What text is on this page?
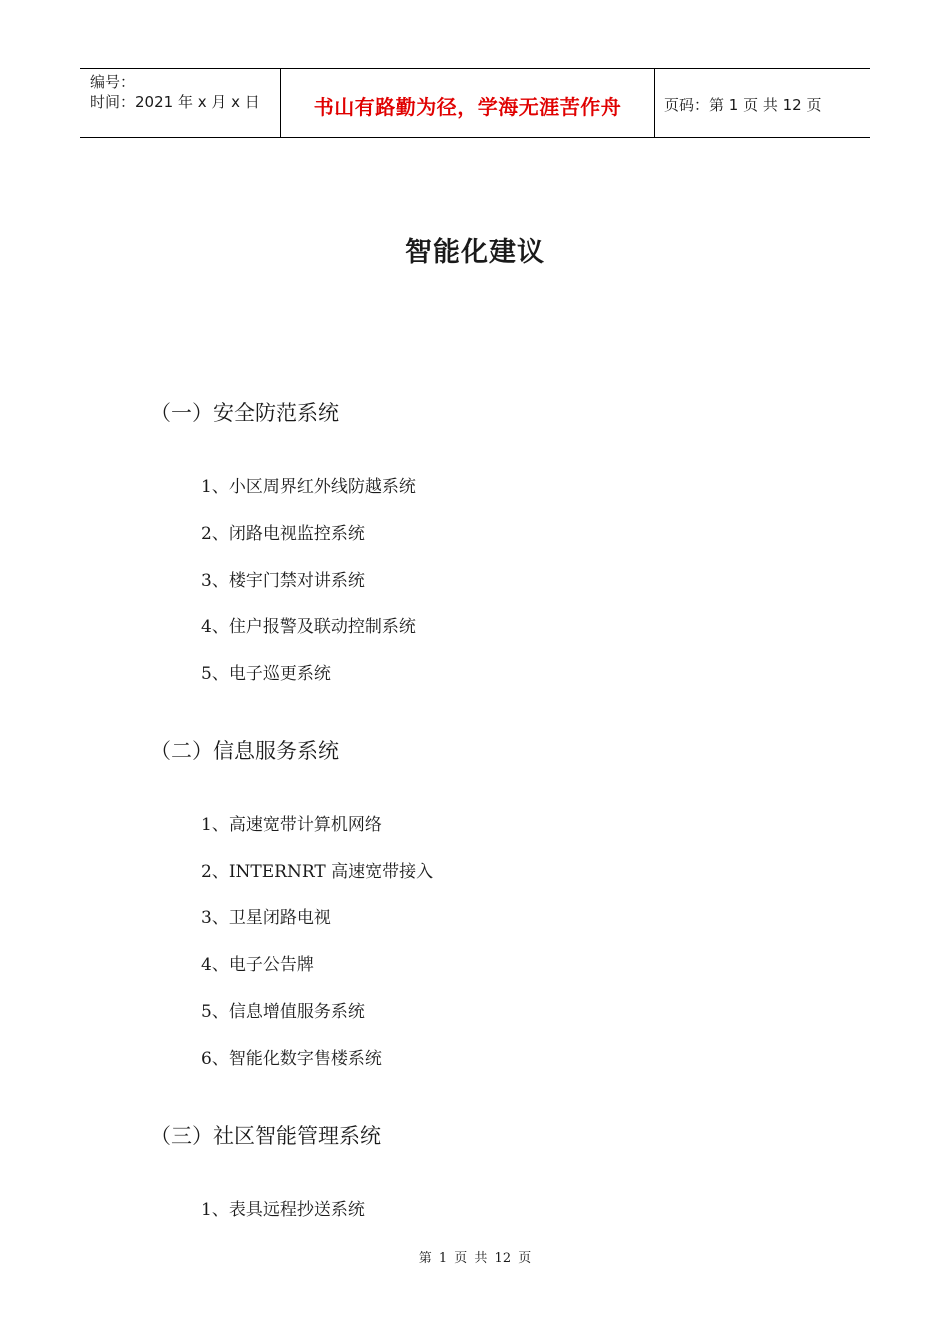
编号：
时间：2021 年 x 月 x 日	书山有路勤为径，学海无涯苦作舟	页码：第 1 页 共 12 页
智能化建议
（一）安全防范系统
1、小区周界红外线防越系统
2、闭路电视监控系统
3、楼宇门禁对讲系统
4、住户报警及联动控制系统
5、电子巡更系统
（二）信息服务系统
1、高速宽带计算机网络
2、INTERNRT 高速宽带接入
3、卫星闭路电视
4、电子公告牌
5、信息增值服务系统
6、智能化数字售楼系统
（三）社区智能管理系统
1、表具远程抄送系统
第 1 页 共 12 页
